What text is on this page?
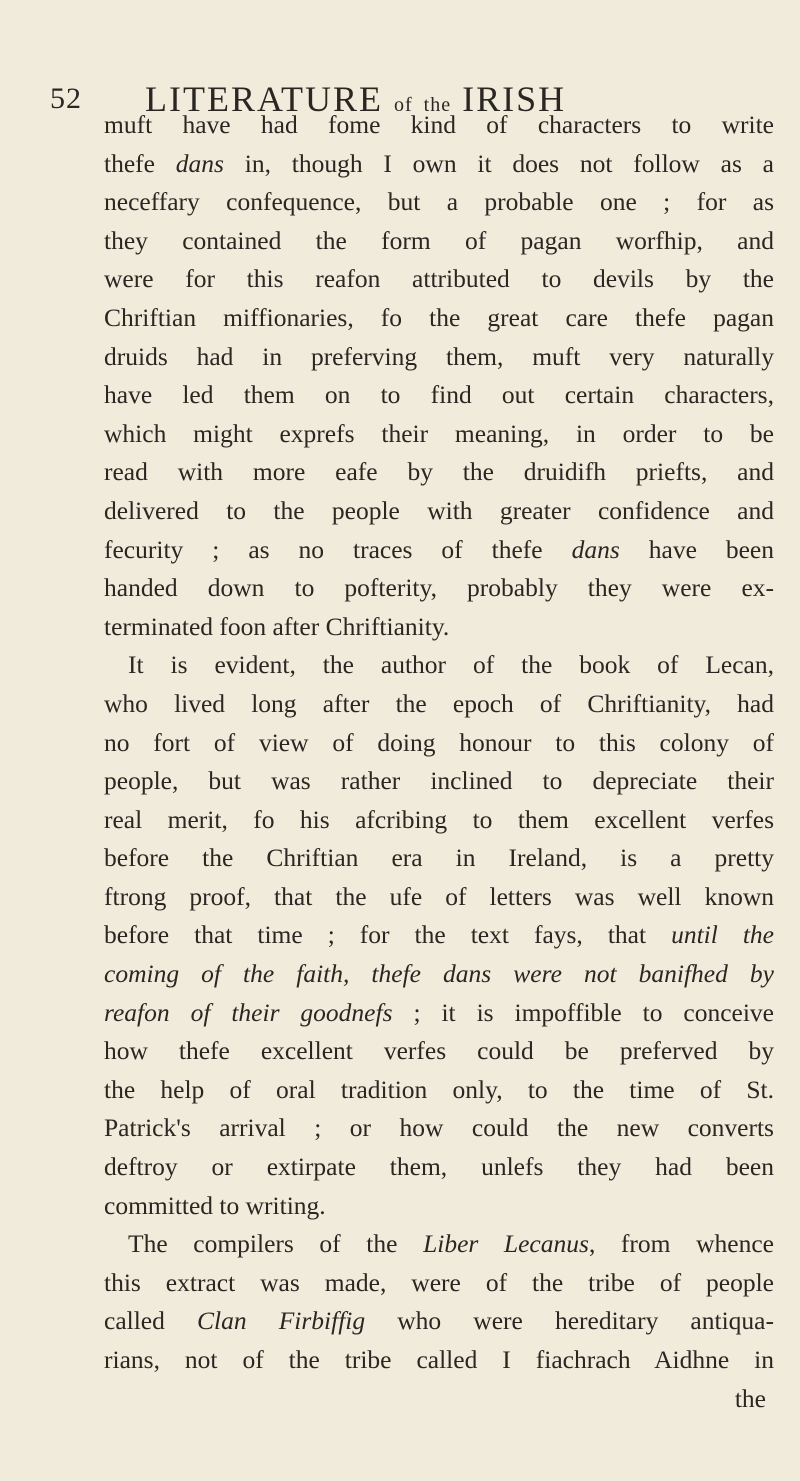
52 LITERATURE of the IRISH
muft have had fome kind of characters to write
thefe dans in, though I own it does not follow as a
neceffary confequence, but a probable one ; for as
they contained the form of pagan worfhip, and
were for this reafon attributed to devils by the
Chriftian miffionaries, fo the great care thefe pagan
druids had in preferving them, muft very naturally
have led them on to find out certain characters,
which might exprefs their meaning, in order to be
read with more eafe by the druidifh priefts, and
delivered to the people with greater confidence and
fecurity ; as no traces of thefe dans have been
handed down to pofterity, probably they were ex-
terminated foon after Chriftianity.
It is evident, the author of the book of Lecan,
who lived long after the epoch of Chriftianity, had
no fort of view of doing honour to this colony of
people, but was rather inclined to depreciate their
real merit, fo his afcribing to them excellent verfes
before the Chriftian era in Ireland, is a pretty
ftrong proof, that the ufe of letters was well known
before that time ; for the text fays, that until the
coming of the faith, thefe dans were not banifhed by
reafon of their goodnefs ; it is impoffible to conceive
how thefe excellent verfes could be preferved by
the help of oral tradition only, to the time of St.
Patrick's arrival ; or how could the new converts
deftroy or extirpate them, unlefs they had been
committed to writing.
The compilers of the Liber Lecanus, from whence
this extract was made, were of the tribe of people
called Clan Firbiffig who were hereditary antiqua-
rians, not of the tribe called I fiachrach Aidhne in
the
